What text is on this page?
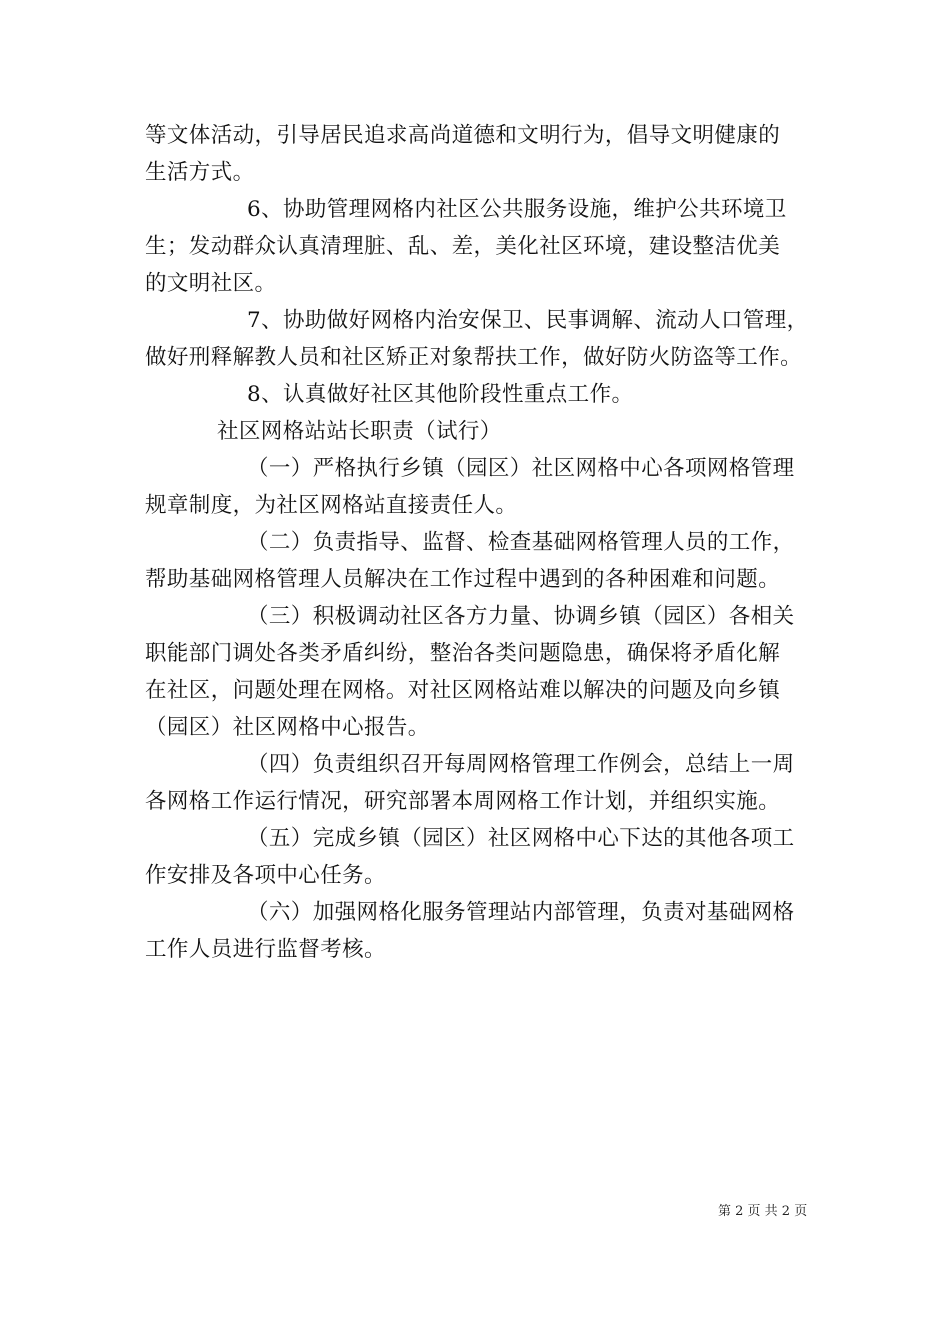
等文体活动，引导居民追求高尚道德和文明行为，倡导文明健康的
生活方式。
6、协助管理网格内社区公共服务设施，维护公共环境卫
生；发动群众认真清理脏、乱、差，美化社区环境，建设整洁优美
的文明社区。
7、协助做好网格内治安保卫、民事调解、流动人口管理，
做好刑释解教人员和社区矫正对象帮扶工作，做好防火防盗等工作。
8、认真做好社区其他阶段性重点工作。
社区网格站站长职责（试行）
（一）严格执行乡镇（园区）社区网格中心各项网格管理
规章制度，为社区网格站直接责任人。
（二）负责指导、监督、检查基础网格管理人员的工作，
帮助基础网格管理人员解决在工作过程中遇到的各种困难和问题。
（三）积极调动社区各方力量、协调乡镇（园区）各相关
职能部门调处各类矛盾纠纷，整治各类问题隐患，确保将矛盾化解
在社区，问题处理在网格。对社区网格站难以解决的问题及向乡镇
（园区）社区网格中心报告。
（四）负责组织召开每周网格管理工作例会，总结上一周
各网格工作运行情况，研究部署本周网格工作计划，并组织实施。
（五）完成乡镇（园区）社区网格中心下达的其他各项工
作安排及各项中心任务。
（六）加强网格化服务管理站内部管理，负责对基础网格
工作人员进行监督考核。
第 2 页 共 2 页
